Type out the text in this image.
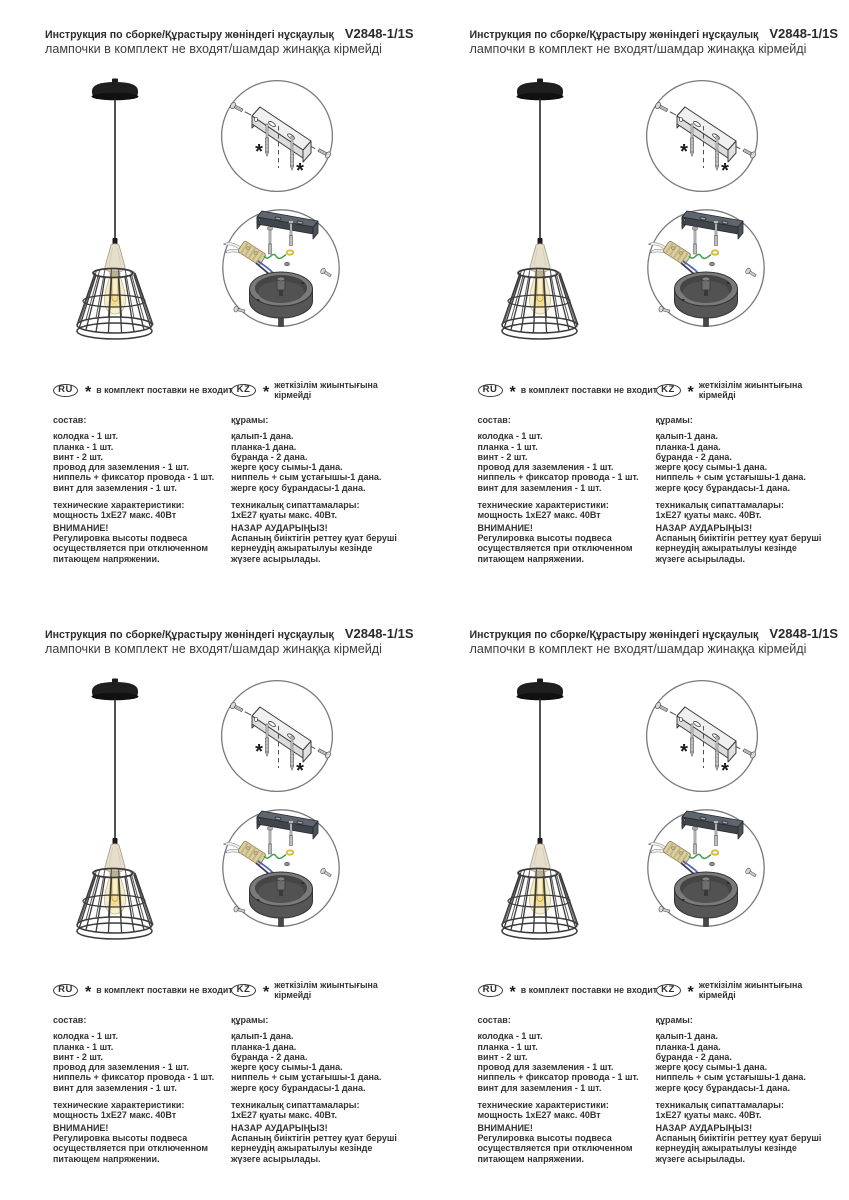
Инструкция по сборке/Құрастыру жөніндегі нұсқаулық V2848-1/1S
лампочки в комплект не входят/шамдар жинаққа кірмейді
*
*
RU * в комплект поставки не входит
состав:
колодка - 1 шт.
планка - 1 шт.
винт - 2 шт.
провод для заземления - 1 шт.
ниппель + фиксатор провода - 1 шт.
винт для заземления - 1 шт.
технические характеристики:
мощность 1хЕ27 макс. 40Вт
ВНИМАНИЕ!
Регулировка высоты подвеса осуществляется при отключенном питающем напряжении.
KZ * жеткізілім жиынтығына кірмейді
құрамы:
қалып-1 дана.
планка-1 дана.
бұранда - 2 дана.
жерге қосу сымы-1 дана.
ниппель + сым ұстағышы-1 дана.
жерге қосу бұрандасы-1 дана.
техникалық сипаттамалары:
1хЕ27 қуаты макс. 40Вт.
НАЗАР АУДАРЫҢЫЗ!
Аспаның биіктігін реттеу қуат беруші кернеудің ажыратылуы кезінде жүзеге асырылады.
Инструкция по сборке/Құрастыру жөніндегі нұсқаулық V2848-1/1S
лампочки в комплект не входят/шамдар жинаққа кірмейді
*
*
RU * в комплект поставки не входит
состав:
колодка - 1 шт.
планка - 1 шт.
винт - 2 шт.
провод для заземления - 1 шт.
ниппель + фиксатор провода - 1 шт.
винт для заземления - 1 шт.
технические характеристики:
мощность 1хЕ27 макс. 40Вт
ВНИМАНИЕ!
Регулировка высоты подвеса осуществляется при отключенном питающем напряжении.
KZ * жеткізілім жиынтығына кірмейді
құрамы:
қалып-1 дана.
планка-1 дана.
бұранда - 2 дана.
жерге қосу сымы-1 дана.
ниппель + сым ұстағышы-1 дана.
жерге қосу бұрандасы-1 дана.
техникалық сипаттамалары:
1хЕ27 қуаты макс. 40Вт.
НАЗАР АУДАРЫҢЫЗ!
Аспаның биіктігін реттеу қуат беруші кернеудің ажыратылуы кезінде жүзеге асырылады.
Инструкция по сборке/Құрастыру жөніндегі нұсқаулық V2848-1/1S
лампочки в комплект не входят/шамдар жинаққа кірмейді
*
*
RU * в комплект поставки не входит
состав:
колодка - 1 шт.
планка - 1 шт.
винт - 2 шт.
провод для заземления - 1 шт.
ниппель + фиксатор провода - 1 шт.
винт для заземления - 1 шт.
технические характеристики:
мощность 1хЕ27 макс. 40Вт
ВНИМАНИЕ!
Регулировка высоты подвеса осуществляется при отключенном питающем напряжении.
KZ * жеткізілім жиынтығына кірмейді
құрамы:
қалып-1 дана.
планка-1 дана.
бұранда - 2 дана.
жерге қосу сымы-1 дана.
ниппель + сым ұстағышы-1 дана.
жерге қосу бұрандасы-1 дана.
техникалық сипаттамалары:
1хЕ27 қуаты макс. 40Вт.
НАЗАР АУДАРЫҢЫЗ!
Аспаның биіктігін реттеу қуат беруші кернеудің ажыратылуы кезінде жүзеге асырылады.
Инструкция по сборке/Құрастыру жөніндегі нұсқаулық V2848-1/1S
лампочки в комплект не входят/шамдар жинаққа кірмейді
*
*
RU * в комплект поставки не входит
состав:
колодка - 1 шт.
планка - 1 шт.
винт - 2 шт.
провод для заземления - 1 шт.
ниппель + фиксатор провода - 1 шт.
винт для заземления - 1 шт.
технические характеристики:
мощность 1хЕ27 макс. 40Вт
ВНИМАНИЕ!
Регулировка высоты подвеса осуществляется при отключенном питающем напряжении.
KZ * жеткізілім жиынтығына кірмейді
құрамы:
қалып-1 дана.
планка-1 дана.
бұранда - 2 дана.
жерге қосу сымы-1 дана.
ниппель + сым ұстағышы-1 дана.
жерге қосу бұрандасы-1 дана.
техникалық сипаттамалары:
1хЕ27 қуаты макс. 40Вт.
НАЗАР АУДАРЫҢЫЗ!
Аспаның биіктігін реттеу қуат беруші кернеудің ажыратылуы кезінде жүзеге асырылады.
